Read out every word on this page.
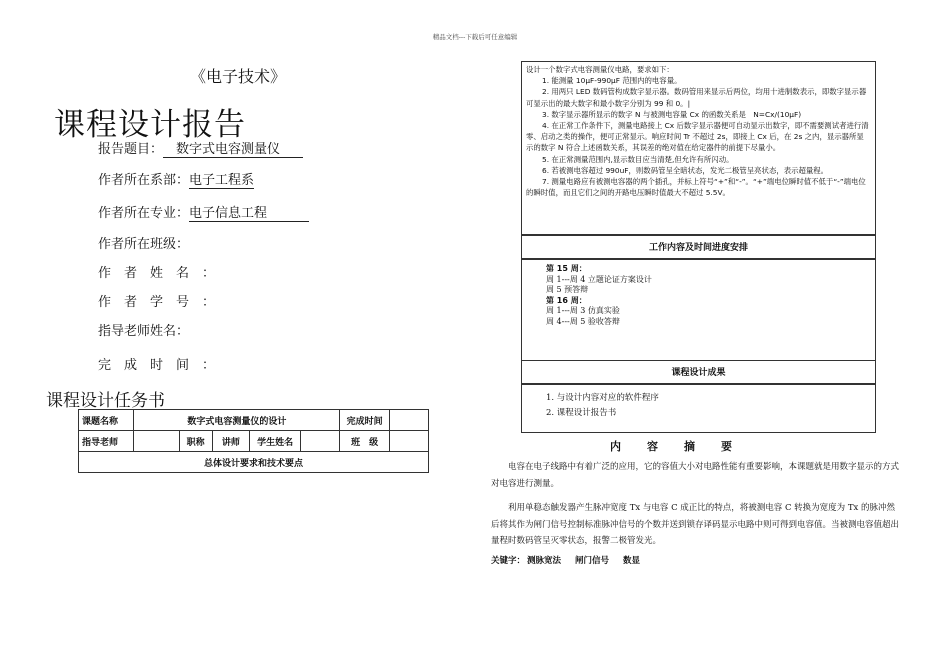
精品文档---下载后可任意编辑
《电子技术》
课程设计报告
报告题目：　数字式电容测量仪　
作者所在系部：电子工程系
作者所在专业：电子信息工程　　　
作者所在班级：
作　者　姓　名　：
作　者　学　号　：
指导老师姓名：
完　成　时　间　：
课程设计任务书
课题名称	数字式电容测量仪的设计					完成时间	
指导老师		职称	讲师	学生姓名		班　级	
总体设计要求和技术要点							

设计一个数字式电容测量仪电路，要求如下：

1. 能测量 10μF-990μF 范围内的电容量。

2. 用两只 LED 数码管构成数字显示器。数码管用来显示后两位，均用十进制数表示，即数字显示器可显示出的最大数字和最小数字分别为 99 和 0。|

3. 数字显示器所显示的数字 N 与被测电容量 Cx 的函数关系是　N=Cx/(10μF)

4. 在正常工作条件下，测量电路接上 Cx 后数字显示器便可自动显示出数字，即不需要测试者进行清零、启动之类的操作，便可正常显示。响应时间 Tr 不超过 2s，即接上 Cx 后，在 2s 之内，显示器所显示的数字 N 符合上述函数关系，其误差的绝对值在给定器件的前提下尽量小。

5. 在正常测量范围内,显示数目应当清楚,但允许有所闪动。

6. 若被测电容超过 990uF，则数码管呈全暗状态，发光二极管呈亮状态，表示超量程。

7. 测量电路应有被测电容器的两个插孔，并标上符号“+”和“-”。“+”端电位瞬时值不低于“-”端电位的瞬时值，而且它们之间的开路电压瞬时值最大不超过 5.5V。

工作内容及时间进度安排
第 15 周：
周 1---周 4 立题论证方案设计
周 5 预答辩
第 16 周：
周 1---周 3 仿真实验
周 4---周 5 验收答辩
课程设计成果
1. 与设计内容对应的软件程序
2. 课程设计报告书
内容摘要
电容在电子线路中有着广泛的应用，它的容值大小对电路性能有重要影响，本课题就是用数字显示的方式对电容进行测量。
利用单稳态触发器产生脉冲宽度 Tx 与电容 C 成正比的特点，将被测电容 C 转换为宽度为 Tx 的脉冲然后将其作为闸门信号控制标准脉冲信号的个数并送到锁存译码显示电路中则可得到电容值。当被测电容值超出量程时数码管呈灭零状态，报警二极管发光。
关键字： 测脉宽法 闸门信号 数显
